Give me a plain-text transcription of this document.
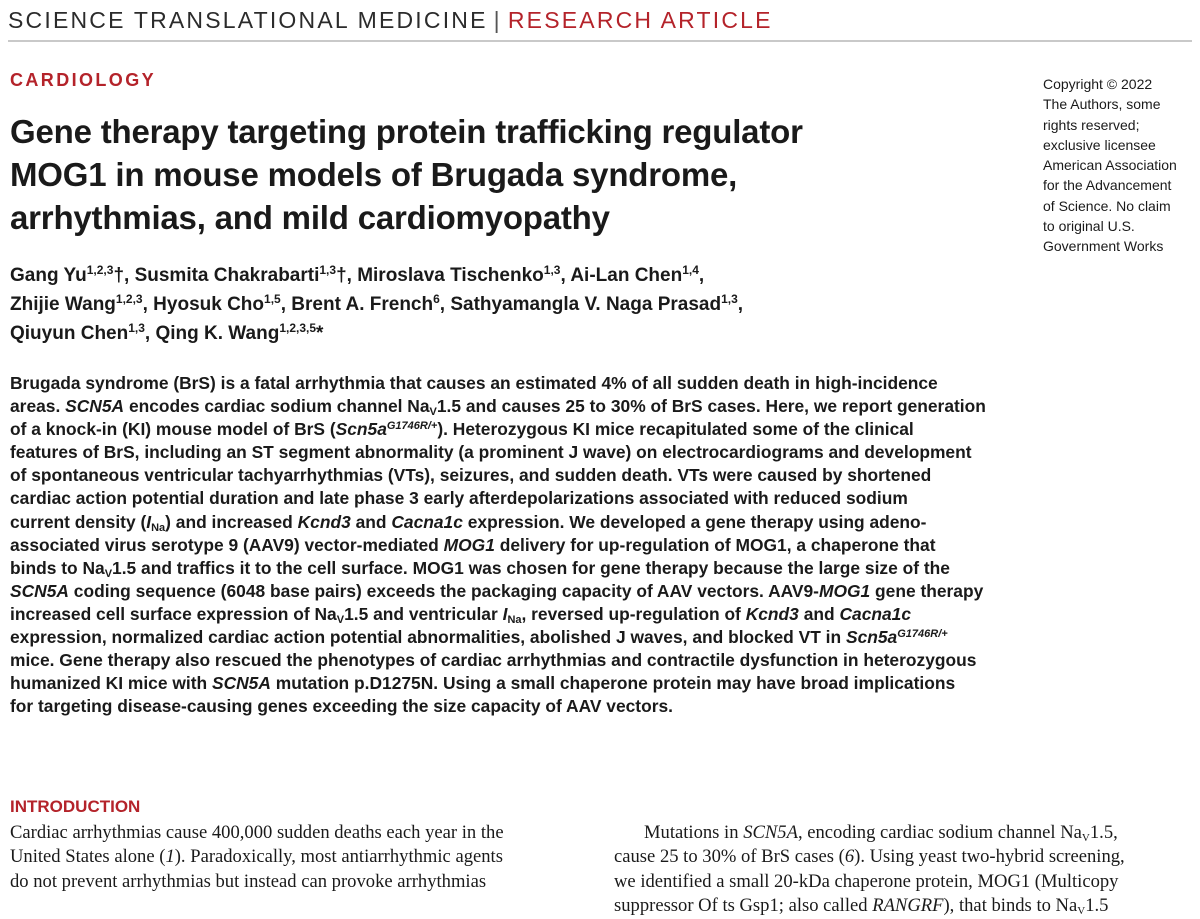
SCIENCE TRANSLATIONAL MEDICINE | RESEARCH ARTICLE
CARDIOLOGY
Gene therapy targeting protein trafficking regulator
MOG1 in mouse models of Brugada syndrome,
arrhythmias, and mild cardiomyopathy
Gang Yu$^{1,2,3}$†, Susmita Chakrabarti$^{1,3}$†, Miroslava Tischenko$^{1,3}$, Ai-Lan Chen$^{1,4}$,
Zhijie Wang$^{1,2,3}$, Hyosuk Cho$^{1,5}$, Brent A. French$^6$, Sathyamangla V. Naga Prasad$^{1,3}$,
Qiuyun Chen$^{1,3}$, Qing K. Wang$^{1,2,3,5}$*
Copyright © 2022
The Authors, some
rights reserved;
exclusive licensee
American Association
for the Advancement
of Science. No claim
to original U.S.
Government Works
Brugada syndrome (BrS) is a fatal arrhythmia that causes an estimated 4% of all sudden death in high-incidence
areas. SCN5A encodes cardiac sodium channel $Na_V1.5$ and causes 25 to 30% of BrS cases. Here, we report generation
of a knock-in (KI) mouse model of BrS $(Scn5a^{G1746R/+})$. Heterozygous KI mice recapitulated some of the clinical
features of BrS, including an ST segment abnormality (a prominent J wave) on electrocardiograms and development
of spontaneous ventricular tachyarrhythmias (VTs), seizures, and sudden death. VTs were caused by shortened
cardiac action potential duration and late phase 3 early afterdepolarizations associated with reduced sodium
current density $(I_{Na})$ and increased Kcnd3 and Cacna1c expression. We developed a gene therapy using adeno-
associated virus serotype 9 (AAV9) vector-mediated MOG1 delivery for up-regulation of MOG1, a chaperone that
binds to $Na_V1.5$ and traffics it to the cell surface. MOG1 was chosen for gene therapy because the large size of the
SCN5A coding sequence (6048 base pairs) exceeds the packaging capacity of AAV vectors. AAV9-MOG1 gene therapy
increased cell surface expression of $Na_V1.5$ and ventricular $I_{Na}$, reversed up-regulation of Kcnd3 and Cacna1c
expression, normalized cardiac action potential abnormalities, abolished J waves, and blocked VT in $Scn5a^{G1746R/+}$
mice. Gene therapy also rescued the phenotypes of cardiac arrhythmias and contractile dysfunction in heterozygous
humanized KI mice with SCN5A mutation p.D1275N. Using a small chaperone protein may have broad implications
for targeting disease-causing genes exceeding the size capacity of AAV vectors.
INTRODUCTION
Cardiac arrhythmias cause 400,000 sudden deaths each year in the
United States alone (1). Paradoxically, most antiarrhythmic agents
do not prevent arrhythmias but instead can provoke arrhythmias
Mutations in SCN5A, encoding cardiac sodium channel $Na_V1.5$,
cause 25 to 30% of BrS cases (6). Using yeast two-hybrid screening,
we identified a small 20-kDa chaperone protein, MOG1 (Multicopy
suppressor Of ts Gsp1; also called RANGRF), that binds to $Na_V1.5$
